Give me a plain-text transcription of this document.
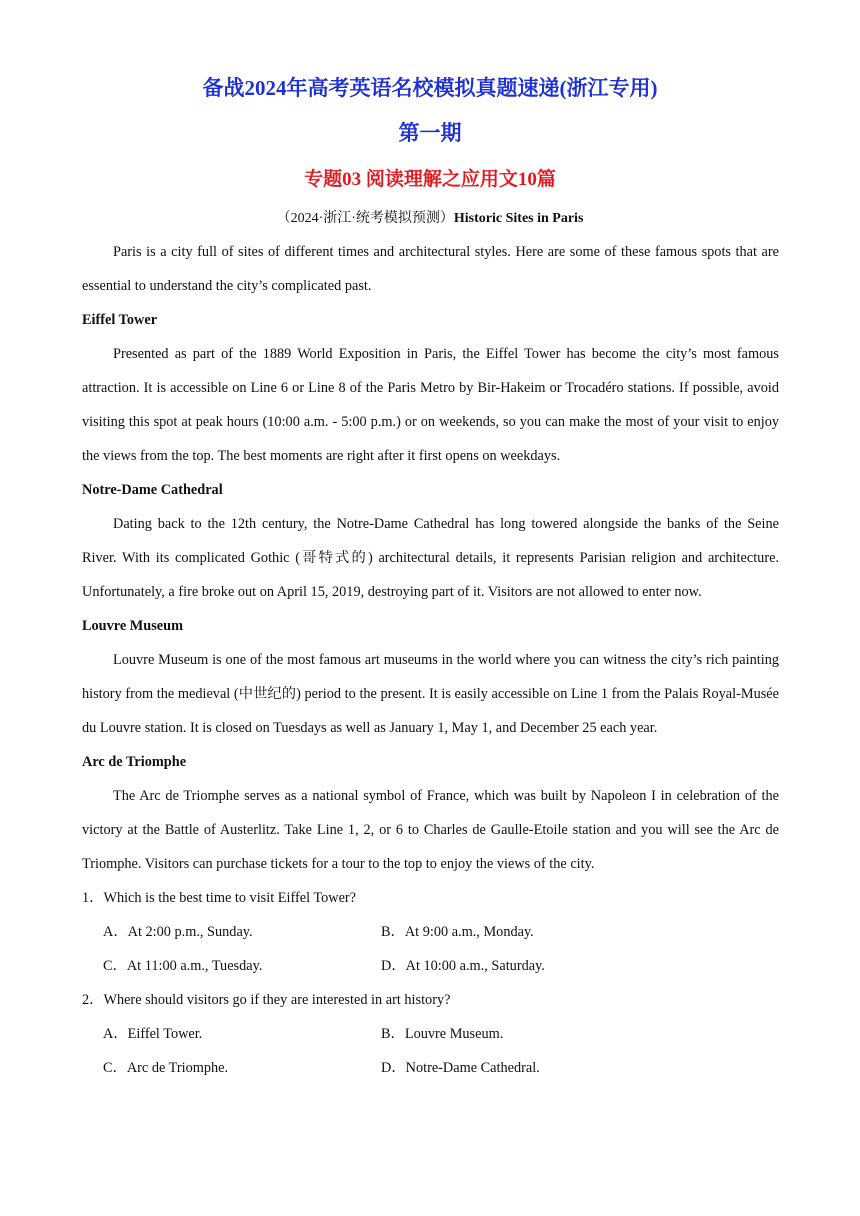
备战2024年高考英语名校模拟真题速递(浙江专用)
第一期
专题03 阅读理解之应用文10篇
（2024·浙江·统考模拟预测）Historic Sites in Paris

Paris is a city full of sites of different times and architectural styles. Here are some of these famous spots that are essential to understand the city’s complicated past.

Eiffel Tower

Presented as part of the 1889 World Exposition in Paris, the Eiffel Tower has become the city’s most famous attraction. It is accessible on Line 6 or Line 8 of the Paris Metro by Bir-Hakeim or Trocadéro stations. If possible, avoid visiting this spot at peak hours (10:00 a.m. - 5:00 p.m.) or on weekends, so you can make the most of your visit to enjoy the views from the top. The best moments are right after it first opens on weekdays.

Notre-Dame Cathedral

Dating back to the 12th century, the Notre-Dame Cathedral has long towered alongside the banks of the Seine River. With its complicated Gothic (哥特式的) architectural details, it represents Parisian religion and architecture. Unfortunately, a fire broke out on April 15, 2019, destroying part of it. Visitors are not allowed to enter now.

Louvre Museum

Louvre Museum is one of the most famous art museums in the world where you can witness the city’s rich painting history from the medieval (中世纪的) period to the present. It is easily accessible on Line 1 from the Palais Royal-Musée du Louvre station. It is closed on Tuesdays as well as January 1, May 1, and December 25 each year.

Arc de Triomphe

The Arc de Triomphe serves as a national symbol of France, which was built by Napoleon I in celebration of the victory at the Battle of Austerlitz. Take Line 1, 2, or 6 to Charles de Gaulle-Etoile station and you will see the Arc de Triomphe. Visitors can purchase tickets for a tour to the top to enjoy the views of the city.

1．Which is the best time to visit Eiffel Tower?

A．At 2:00 p.m., Sunday.	B．At 9:00 a.m., Monday.
C．At 11:00 a.m., Tuesday.	D．At 10:00 a.m., Saturday.

2．Where should visitors go if they are interested in art history?

A．Eiffel Tower.	B．Louvre Museum.
C．Arc de Triomphe.	D．Notre-Dame Cathedral.
